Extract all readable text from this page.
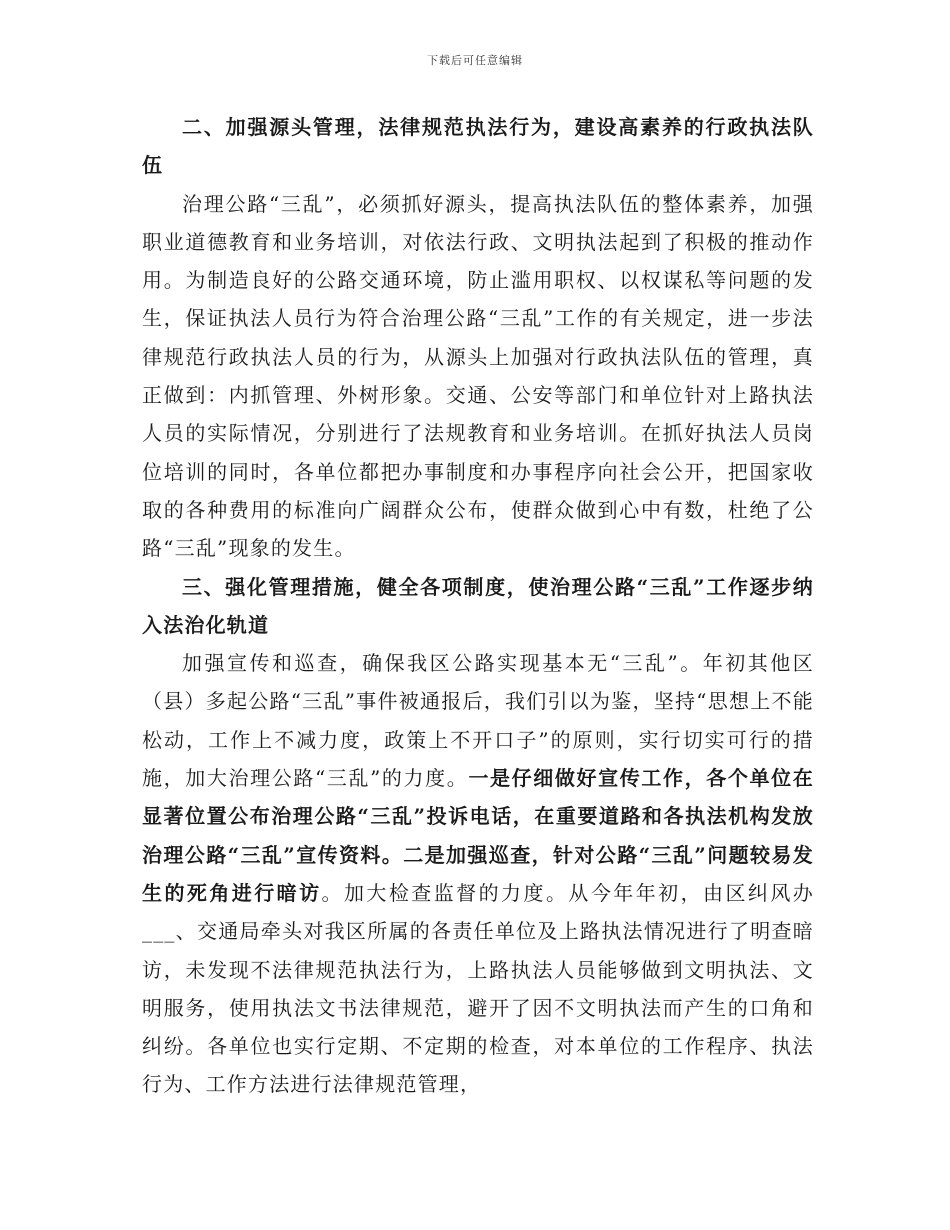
下载后可任意编辑

二、加强源头管理，法律规范执法行为，建设高素养的行政执法队伍

治理公路“三乱”，必须抓好源头，提高执法队伍的整体素养，加强职业道德教育和业务培训，对依法行政、文明执法起到了积极的推动作用。为制造良好的公路交通环境，防止滥用职权、以权谋私等问题的发生，保证执法人员行为符合治理公路“三乱”工作的有关规定，进一步法律规范行政执法人员的行为，从源头上加强对行政执法队伍的管理，真正做到：内抓管理、外树形象。交通、公安等部门和单位针对上路执法人员的实际情况，分别进行了法规教育和业务培训。在抓好执法人员岗位培训的同时，各单位都把办事制度和办事程序向社会公开，把国家收取的各种费用的标准向广阔群众公布，使群众做到心中有数，杜绝了公路“三乱”现象的发生。

三、强化管理措施，健全各项制度，使治理公路“三乱”工作逐步纳入法治化轨道

加强宣传和巡查，确保我区公路实现基本无“三乱”。年初其他区（县）多起公路“三乱”事件被通报后，我们引以为鉴，坚持“思想上不能松动，工作上不减力度，政策上不开口子”的原则，实行切实可行的措施，加大治理公路“三乱”的力度。一是仔细做好宣传工作，各个单位在显著位置公布治理公路“三乱”投诉电话，在重要道路和各执法机构发放治理公路“三乱”宣传资料。二是加强巡查，针对公路“三乱”问题较易发生的死角进行暗访。加大检查监督的力度。从今年年初，由区纠风办___、交通局牵头对我区所属的各责任单位及上路执法情况进行了明查暗访，未发现不法律规范执法行为，上路执法人员能够做到文明执法、文明服务，使用执法文书法律规范，避开了因不文明执法而产生的口角和纠纷。各单位也实行定期、不定期的检查，对本单位的工作程序、执法行为、工作方法进行法律规范管理，
